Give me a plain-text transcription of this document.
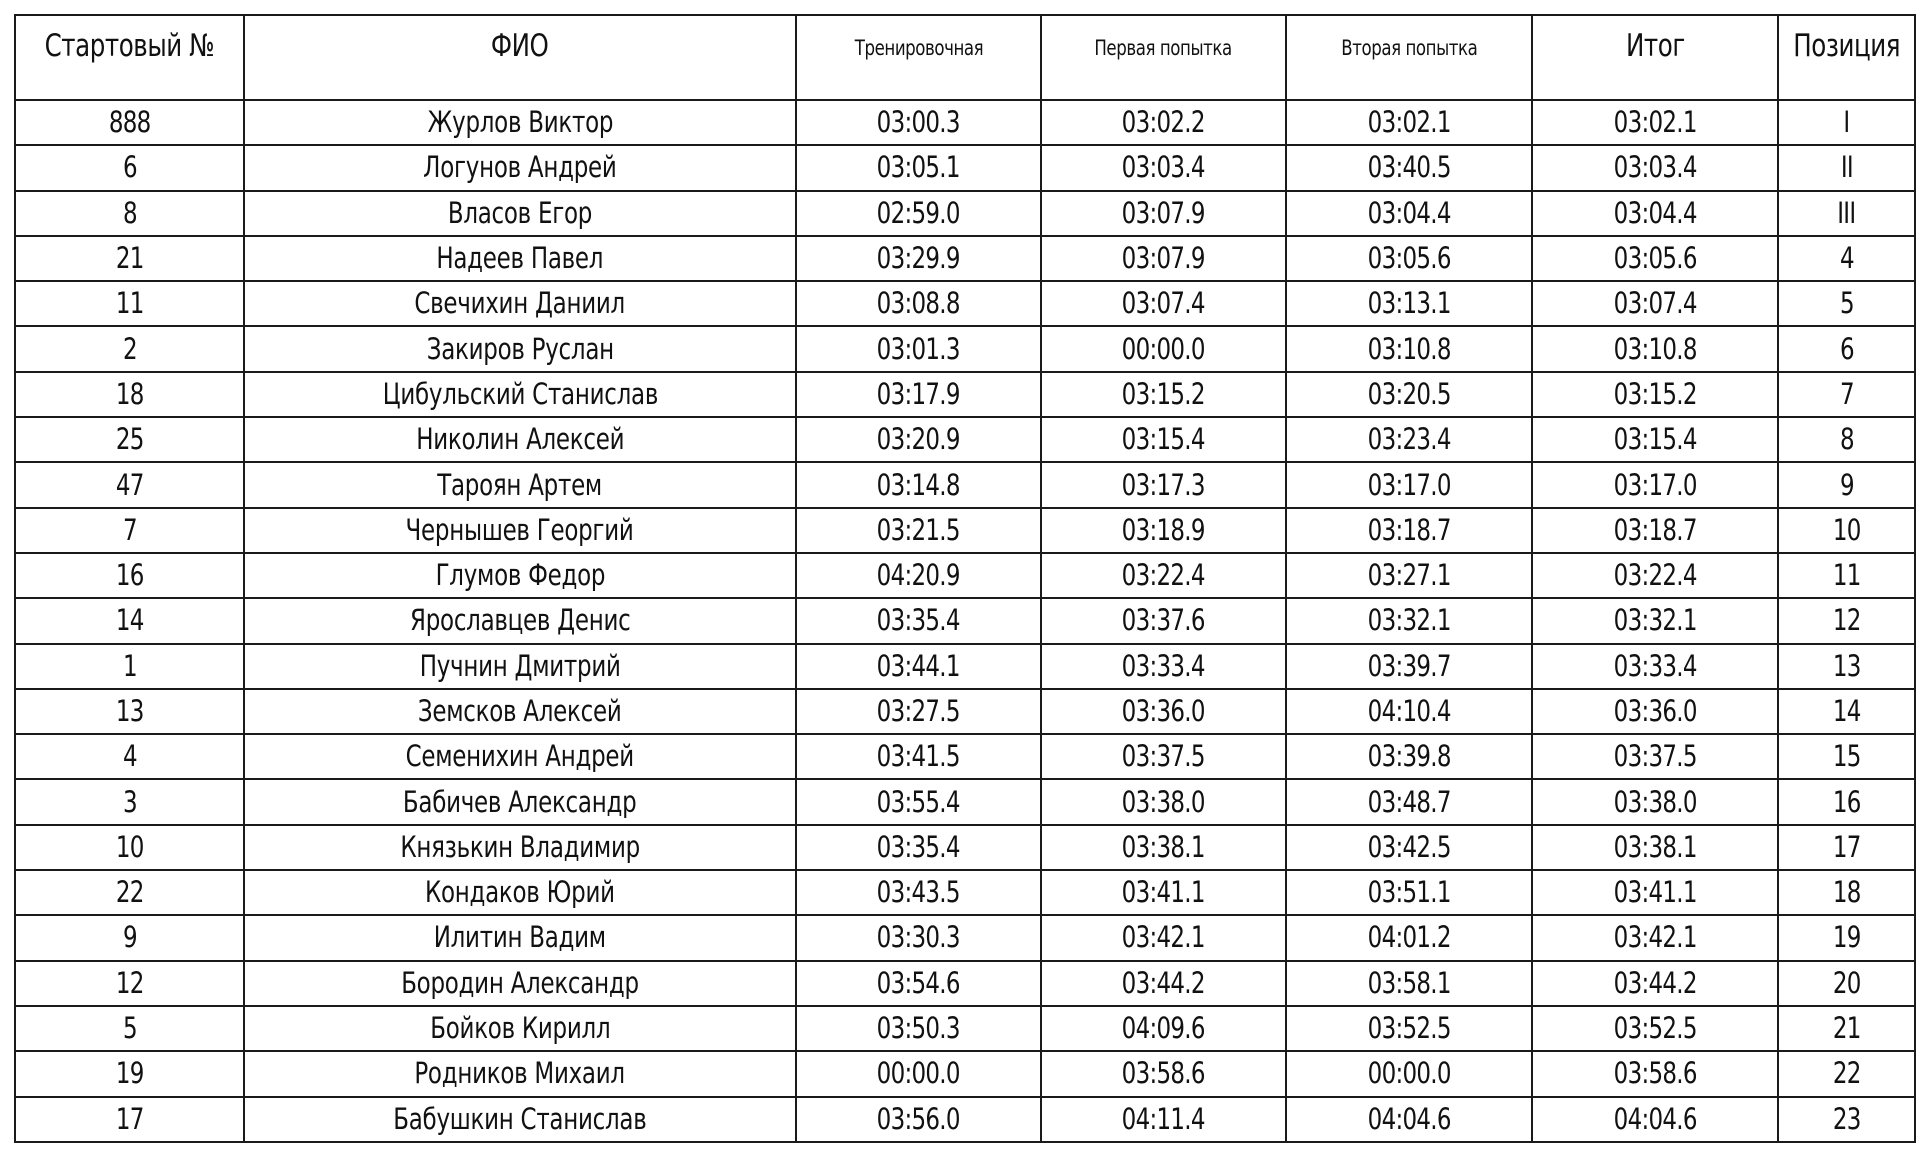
Стартовый №	ФИО	Тренировочная	Первая попытка	Вторая попытка	Итог	Позиция
888	Журлов Виктор	03:00.3	03:02.2	03:02.1	03:02.1	I
6	Логунов Андрей	03:05.1	03:03.4	03:40.5	03:03.4	II
8	Власов Егор	02:59.0	03:07.9	03:04.4	03:04.4	III
21	Надеев Павел	03:29.9	03:07.9	03:05.6	03:05.6	4
11	Свечихин Даниил	03:08.8	03:07.4	03:13.1	03:07.4	5
2	Закиров Руслан	03:01.3	00:00.0	03:10.8	03:10.8	6
18	Цибульский Станислав	03:17.9	03:15.2	03:20.5	03:15.2	7
25	Николин Алексей	03:20.9	03:15.4	03:23.4	03:15.4	8
47	Тароян Артем	03:14.8	03:17.3	03:17.0	03:17.0	9
7	Чернышев Георгий	03:21.5	03:18.9	03:18.7	03:18.7	10
16	Глумов Федор	04:20.9	03:22.4	03:27.1	03:22.4	11
14	Ярославцев Денис	03:35.4	03:37.6	03:32.1	03:32.1	12
1	Пучнин Дмитрий	03:44.1	03:33.4	03:39.7	03:33.4	13
13	Земсков Алексей	03:27.5	03:36.0	04:10.4	03:36.0	14
4	Семенихин Андрей	03:41.5	03:37.5	03:39.8	03:37.5	15
3	Бабичев Александр	03:55.4	03:38.0	03:48.7	03:38.0	16
10	Князькин Владимир	03:35.4	03:38.1	03:42.5	03:38.1	17
22	Кондаков Юрий	03:43.5	03:41.1	03:51.1	03:41.1	18
9	Илитин Вадим	03:30.3	03:42.1	04:01.2	03:42.1	19
12	Бородин Александр	03:54.6	03:44.2	03:58.1	03:44.2	20
5	Бойков Кирилл	03:50.3	04:09.6	03:52.5	03:52.5	21
19	Родников Михаил	00:00.0	03:58.6	00:00.0	03:58.6	22
17	Бабушкин Станислав	03:56.0	04:11.4	04:04.6	04:04.6	23
